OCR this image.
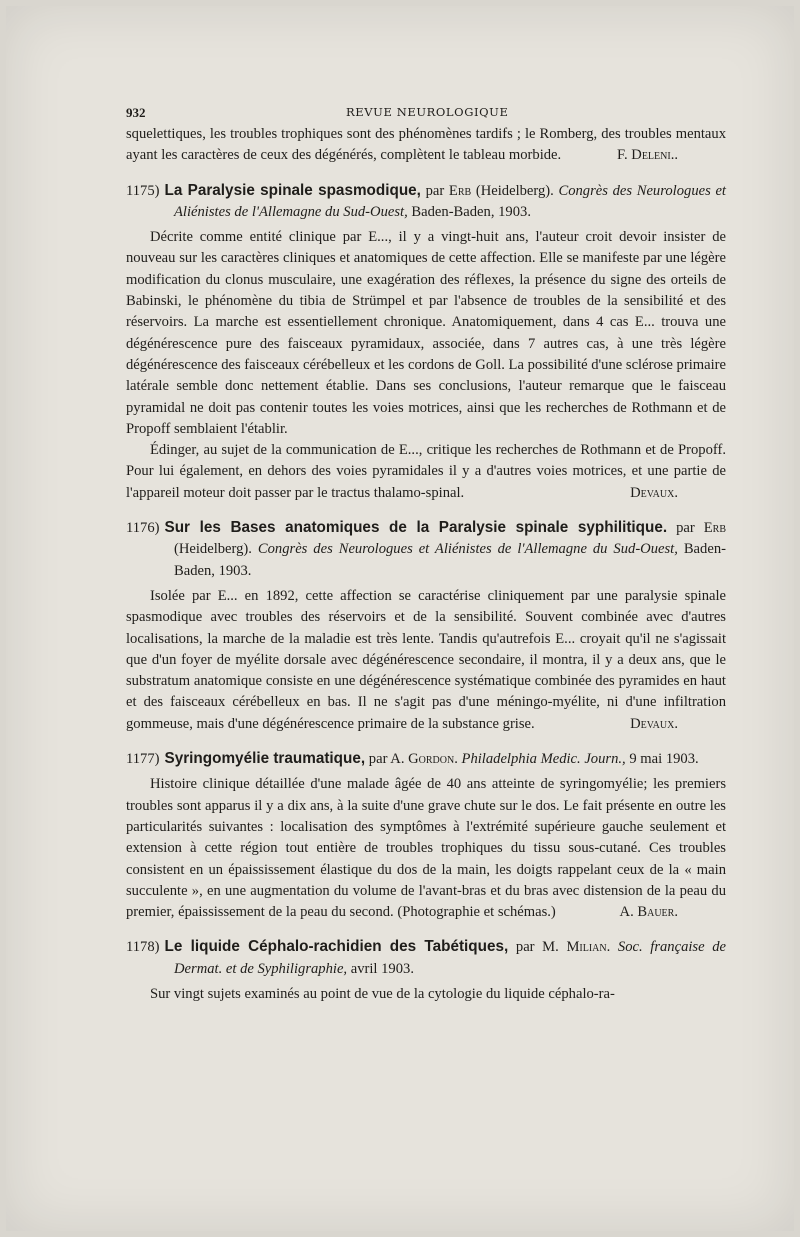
932	REVUE NEUROLOGIQUE

squelettiques, les troubles trophiques sont des phénomènes tardifs ; le Romberg, des troubles mentaux ayant les caractères de ceux des dégénérés, complètent le tableau morbide.	F. Deleni..

1175) La Paralysie spinale spasmodique, par Erb (Heidelberg). Congrès des Neurologues et Aliénistes de l'Allemagne du Sud-Ouest, Baden-Baden, 1903.

Décrite comme entité clinique par E..., il y a vingt-huit ans, l'auteur croit devoir insister de nouveau sur les caractères cliniques et anatomiques de cette affection. Elle se manifeste par une légère modification du clonus musculaire, une exagération des réflexes, la présence du signe des orteils de Babinski, le phénomène du tibia de Strümpel et par l'absence de troubles de la sensibilité et des réservoirs. La marche est essentiellement chronique. Anatomiquement, dans 4 cas E... trouva une dégénérescence pure des faisceaux pyramidaux, associée, dans 7 autres cas, à une très légère dégénérescence des faisceaux cérébelleux et les cordons de Goll. La possibilité d'une sclérose primaire latérale semble donc nettement établie. Dans ses conclusions, l'auteur remarque que le faisceau pyramidal ne doit pas contenir toutes les voies motrices, ainsi que les recherches de Rothmann et de Propoff semblaient l'établir.

Édinger, au sujet de la communication de E..., critique les recherches de Rothmann et de Propoff. Pour lui également, en dehors des voies pyramidales il y a d'autres voies motrices, et une partie de l'appareil moteur doit passer par le tractus thalamo-spinal.	Devaux.

1176) Sur les Bases anatomiques de la Paralysie spinale syphilitique. par Erb (Heidelberg). Congrès des Neurologues et Aliénistes de l'Allemagne du Sud-Ouest, Baden-Baden, 1903.

Isolée par E... en 1892, cette affection se caractérise cliniquement par une paralysie spinale spasmodique avec troubles des réservoirs et de la sensibilité. Souvent combinée avec d'autres localisations, la marche de la maladie est très lente. Tandis qu'autrefois E... croyait qu'il ne s'agissait que d'un foyer de myélite dorsale avec dégénérescence secondaire, il montra, il y a deux ans, que le substratum anatomique consiste en une dégénérescence systématique combinée des pyramides en haut et des faisceaux cérébelleux en bas. Il ne s'agit pas d'une méningo-myélite, ni d'une infiltration gommeuse, mais d'une dégénérescence primaire de la substance grise.	Devaux.

1177) Syringomyélie traumatique, par A. Gordon. Philadelphia Medic. Journ., 9 mai 1903.

Histoire clinique détaillée d'une malade âgée de 40 ans atteinte de syringomyélie; les premiers troubles sont apparus il y a dix ans, à la suite d'une grave chute sur le dos. Le fait présente en outre les particularités suivantes : localisation des symptômes à l'extrémité supérieure gauche seulement et extension à cette région tout entière de troubles trophiques du tissu sous-cutané. Ces troubles consistent en un épaississement élastique du dos de la main, les doigts rappelant ceux de la « main succulente », en une augmentation du volume de l'avant-bras et du bras avec distension de la peau du premier, épaississement de la peau du second. (Photographie et schémas.)	A. Bauer.

1178) Le liquide Céphalo-rachidien des Tabétiques, par M. Milian. Soc. française de Dermat. et de Syphiligraphie, avril 1903.

Sur vingt sujets examinés au point de vue de la cytologie du liquide céphalo-ra-
